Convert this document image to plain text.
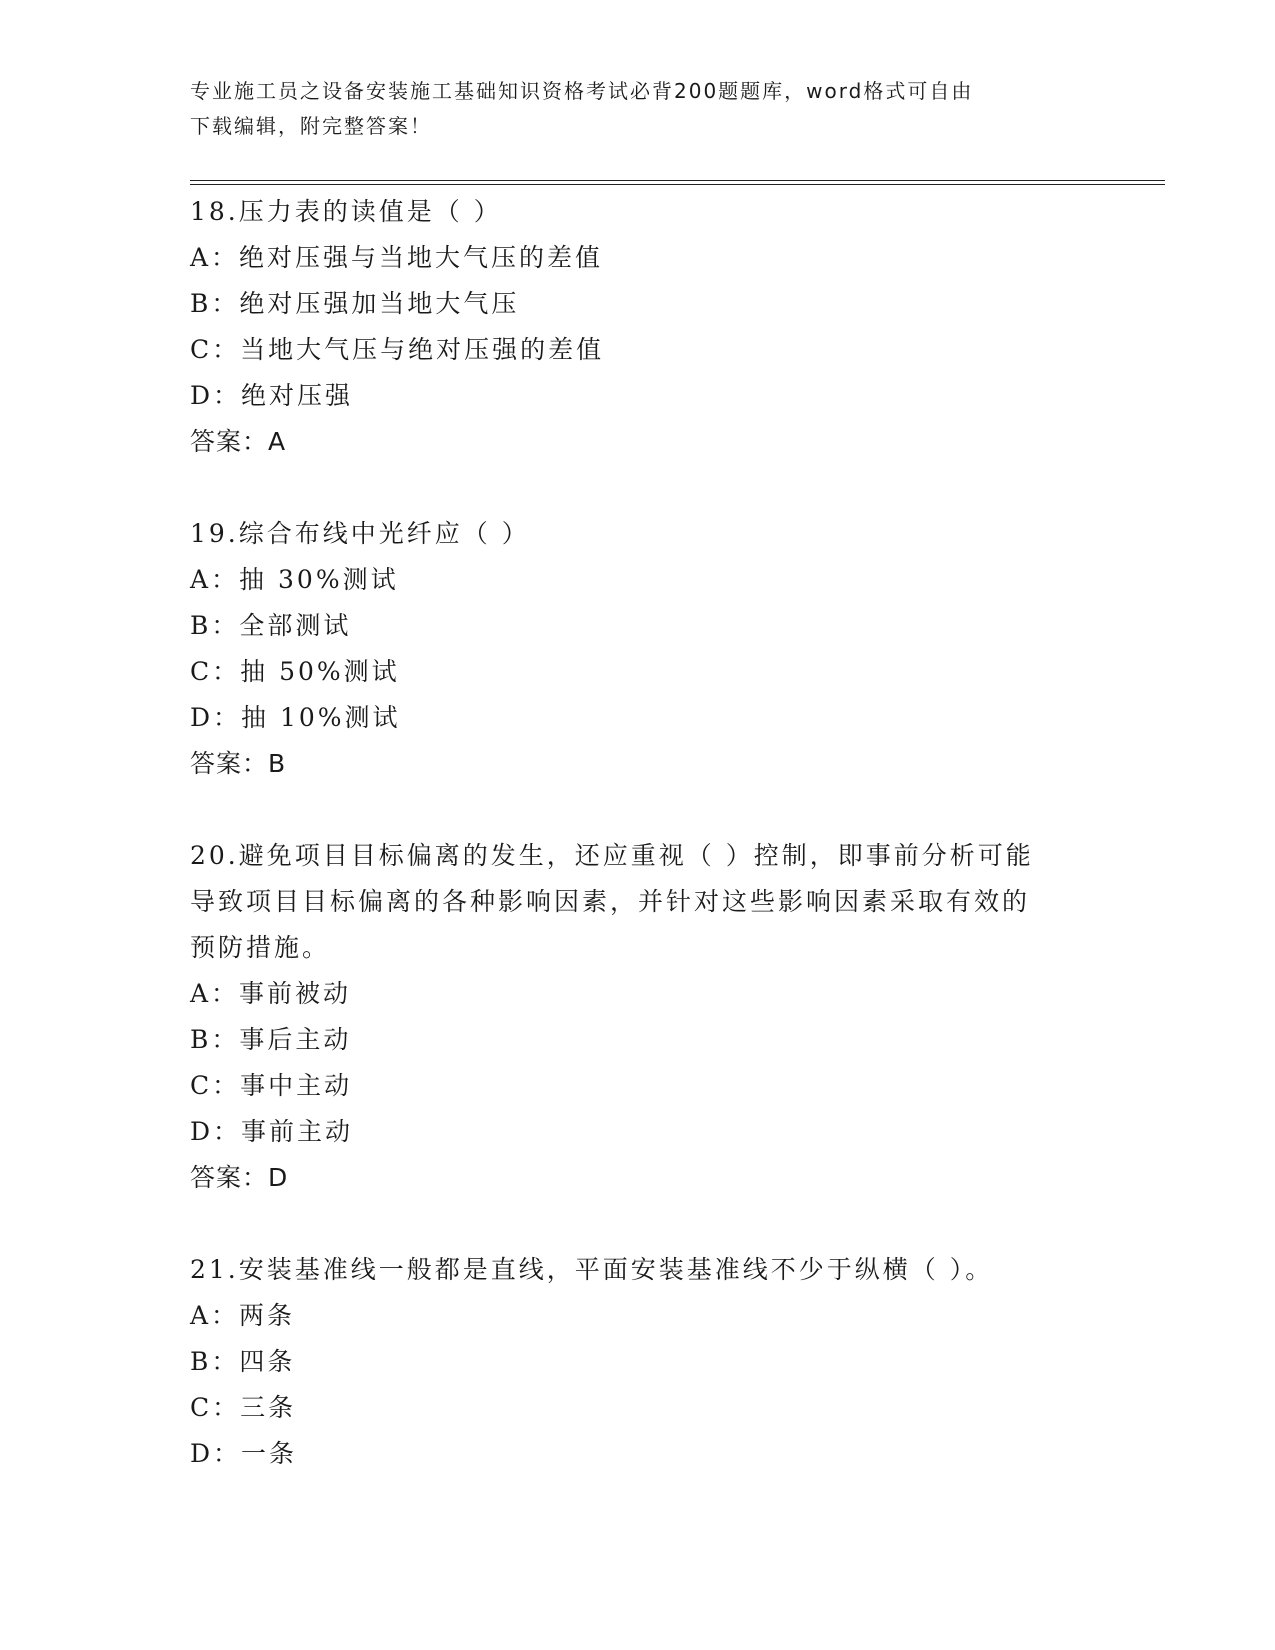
专业施工员之设备安装施工基础知识资格考试必背200题题库，word格式可自由
下载编辑，附完整答案！
18.压力表的读值是（ ）
A：绝对压强与当地大气压的差值
B：绝对压强加当地大气压
C：当地大气压与绝对压强的差值
D：绝对压强
答案：A
19.综合布线中光纤应（ ）
A：抽 30%测试
B：全部测试
C：抽 50%测试
D：抽 10%测试
答案：B
20.避免项目目标偏离的发生，还应重视（ ）控制，即事前分析可能
导致项目目标偏离的各种影响因素，并针对这些影响因素采取有效的
预防措施。
A：事前被动
B：事后主动
C：事中主动
D：事前主动
答案：D
21.安装基准线一般都是直线，平面安装基准线不少于纵横（ ）。
A：两条
B：四条
C：三条
D：一条
